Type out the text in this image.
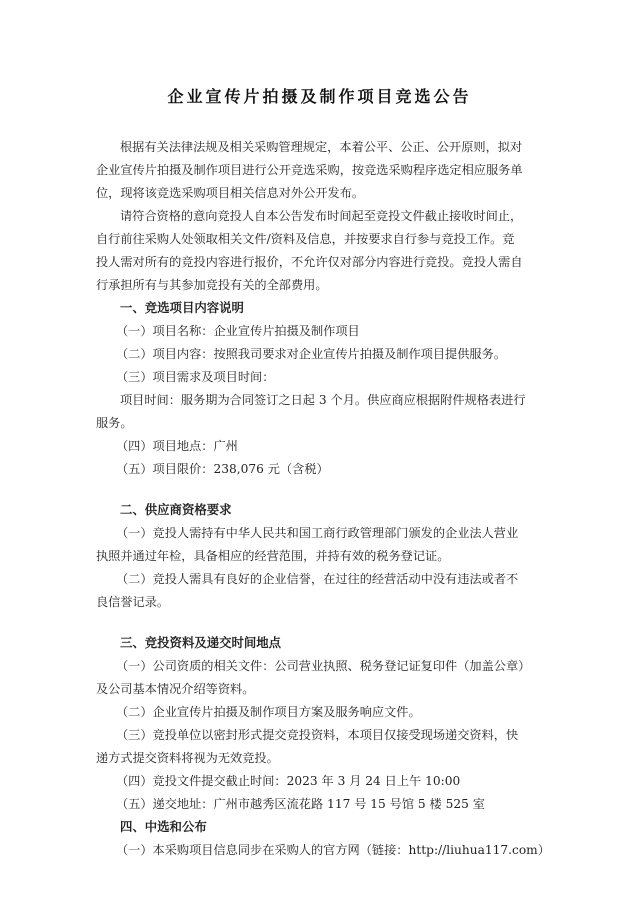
企业宣传片拍摄及制作项目竞选公告
根据有关法律法规及相关采购管理规定，本着公平、公正、公开原则，拟对
企业宣传片拍摄及制作项目进行公开竞选采购，按竞选采购程序选定相应服务单
位，现将该竞选采购项目相关信息对外公开发布。
请符合资格的意向竞投人自本公告发布时间起至竞投文件截止接收时间止，
自行前往采购人处领取相关文件/资料及信息，并按要求自行参与竞投工作。竞
投人需对所有的竞投内容进行报价，不允许仅对部分内容进行竞投。竞投人需自
行承担所有与其参加竞投有关的全部费用。
一、竞选项目内容说明
（一）项目名称：企业宣传片拍摄及制作项目
（二）项目内容：按照我司要求对企业宣传片拍摄及制作项目提供服务。
（三）项目需求及项目时间：
项目时间：服务期为合同签订之日起 3 个月。供应商应根据附件规格表进行
服务。
（四）项目地点：广州
（五）项目限价：238,076 元（含税）
二、供应商资格要求
（一）竞投人需持有中华人民共和国工商行政管理部门颁发的企业法人营业
执照并通过年检，具备相应的经营范围，并持有效的税务登记证。
（二）竞投人需具有良好的企业信誉，在过往的经营活动中没有违法或者不
良信誉记录。
三、竞投资料及递交时间地点
（一）公司资质的相关文件：公司营业执照、税务登记证复印件（加盖公章）
及公司基本情况介绍等资料。
（二）企业宣传片拍摄及制作项目方案及服务响应文件。
（三）竞投单位以密封形式提交竞投资料，本项目仅接受现场递交资料，快
递方式提交资料将视为无效竞投。
（四）竞投文件提交截止时间：2023 年 3 月 24 日上午 10:00
（五）递交地址：广州市越秀区流花路 117 号 15 号馆 5 楼 525 室
四、中选和公布
（一）本采购项目信息同步在采购人的官方网（链接：http://liuhua117.com）
